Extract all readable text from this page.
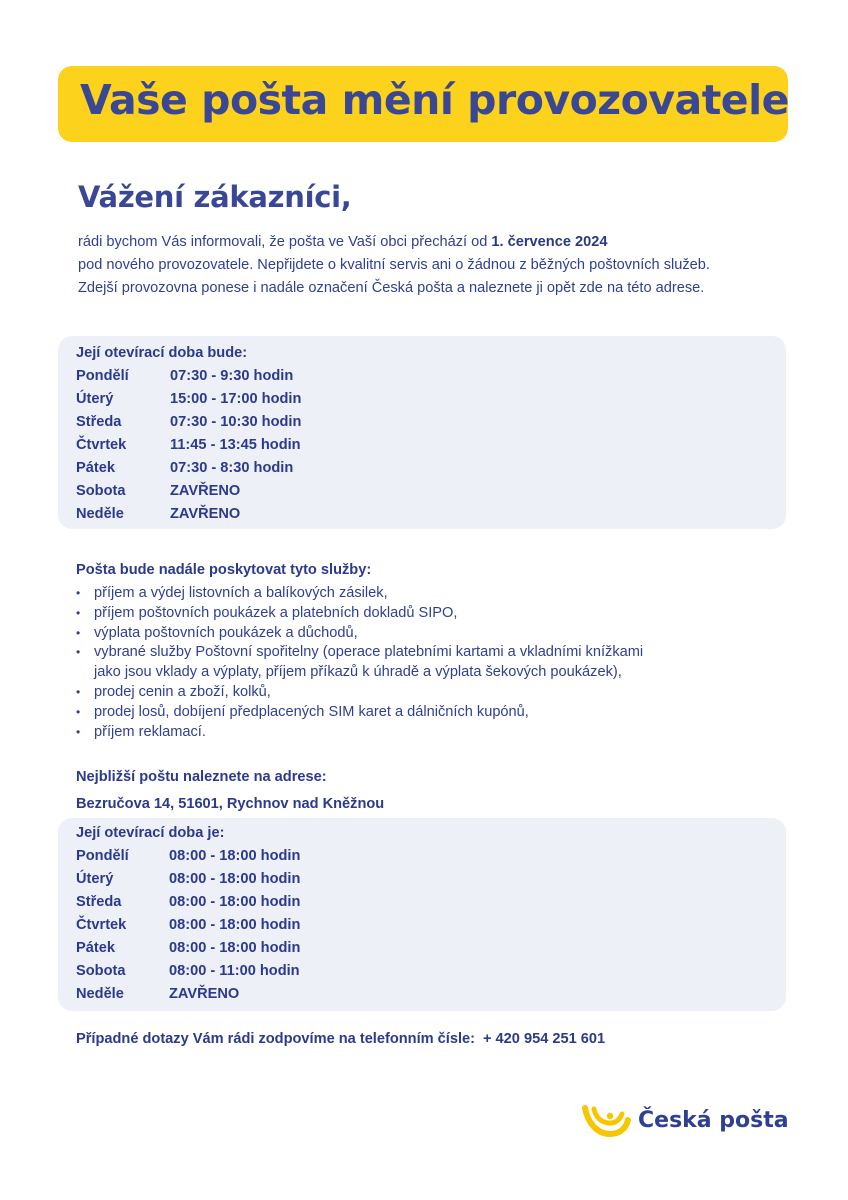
Vaše pošta mění provozovatele
Vážení zákazníci,
rádi bychom Vás informovali, že pošta ve Vaší obci přechází od 1. července 2024
pod nového provozovatele. Nepřijdete o kvalitní servis ani o žádnou z běžných poštovních služeb.
Zdejší provozovna ponese i nadále označení Česká pošta a naleznete ji opět zde na této adrese.
Její otevírací doba bude:
Pondělí	07:30 - 9:30 hodin
Úterý	15:00 - 17:00 hodin
Středa	07:30 - 10:30 hodin
Čtvrtek	11:45 - 13:45 hodin
Pátek	07:30 - 8:30 hodin
Sobota	ZAVŘENO
Neděle	ZAVŘENO
Pošta bude nadále poskytovat tyto služby:
• příjem a výdej listovních a balíkových zásilek,
• příjem poštovních poukázek a platebních dokladů SIPO,
• výplata poštovních poukázek a důchodů,
• vybrané služby Poštovní spořitelny (operace platebními kartami a vkladními knížkami
jako jsou vklady a výplaty, příjem příkazů k úhradě a výplata šekových poukázek),
• prodej cenin a zboží, kolků,
• prodej losů, dobíjení předplacených SIM karet a dálničních kupónů,
• příjem reklamací.
Nejbližší poštu naleznete na adrese:
Bezručova 14, 51601, Rychnov nad Kněžnou
Její otevírací doba je:
Pondělí	08:00 - 18:00 hodin
Úterý	08:00 - 18:00 hodin
Středa	08:00 - 18:00 hodin
Čtvrtek	08:00 - 18:00 hodin
Pátek	08:00 - 18:00 hodin
Sobota	08:00 - 11:00 hodin
Neděle	ZAVŘENO
Případné dotazy Vám rádi zodpovíme na telefonním čísle: + 420 954 251 601
Česká pošta
